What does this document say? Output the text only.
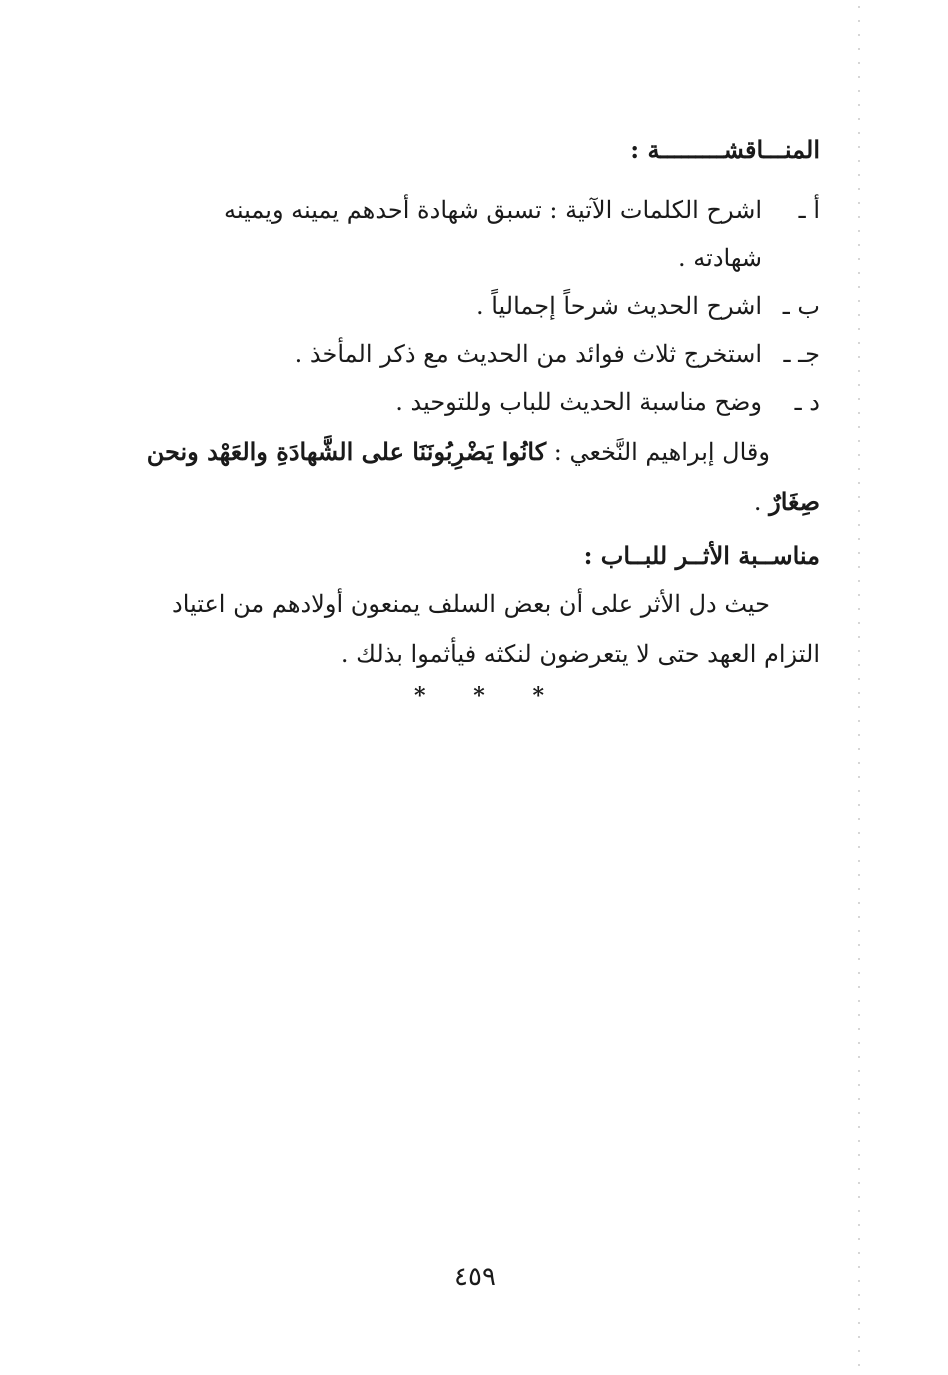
المنـــاقشـــــــــة :
أ ـاشرح الكلمات الآتية : تسبق شهادة أحدهم يمينه ويمينه
شهادته .
ب ـاشرح الحديث شرحاً إجمالياً .
جـ ـاستخرج ثلاث فوائد من الحديث مع ذكر المأخذ .
د ـوضح مناسبة الحديث للباب وللتوحيد .
وقال إبراهيم النَّخعي : كانُوا يَضْرِبُونَنَا على الشَّهادَةِ والعَهْد ونحن
صِغَارٌ .
مناســبة الأثــر للبــاب :
حيث دل الأثر على أن بعض السلف يمنعون أولادهم من اعتياد
التزام العهد حتى لا يتعرضون لنكثه فيأثموا بذلك .
* * *
٤٥٩
